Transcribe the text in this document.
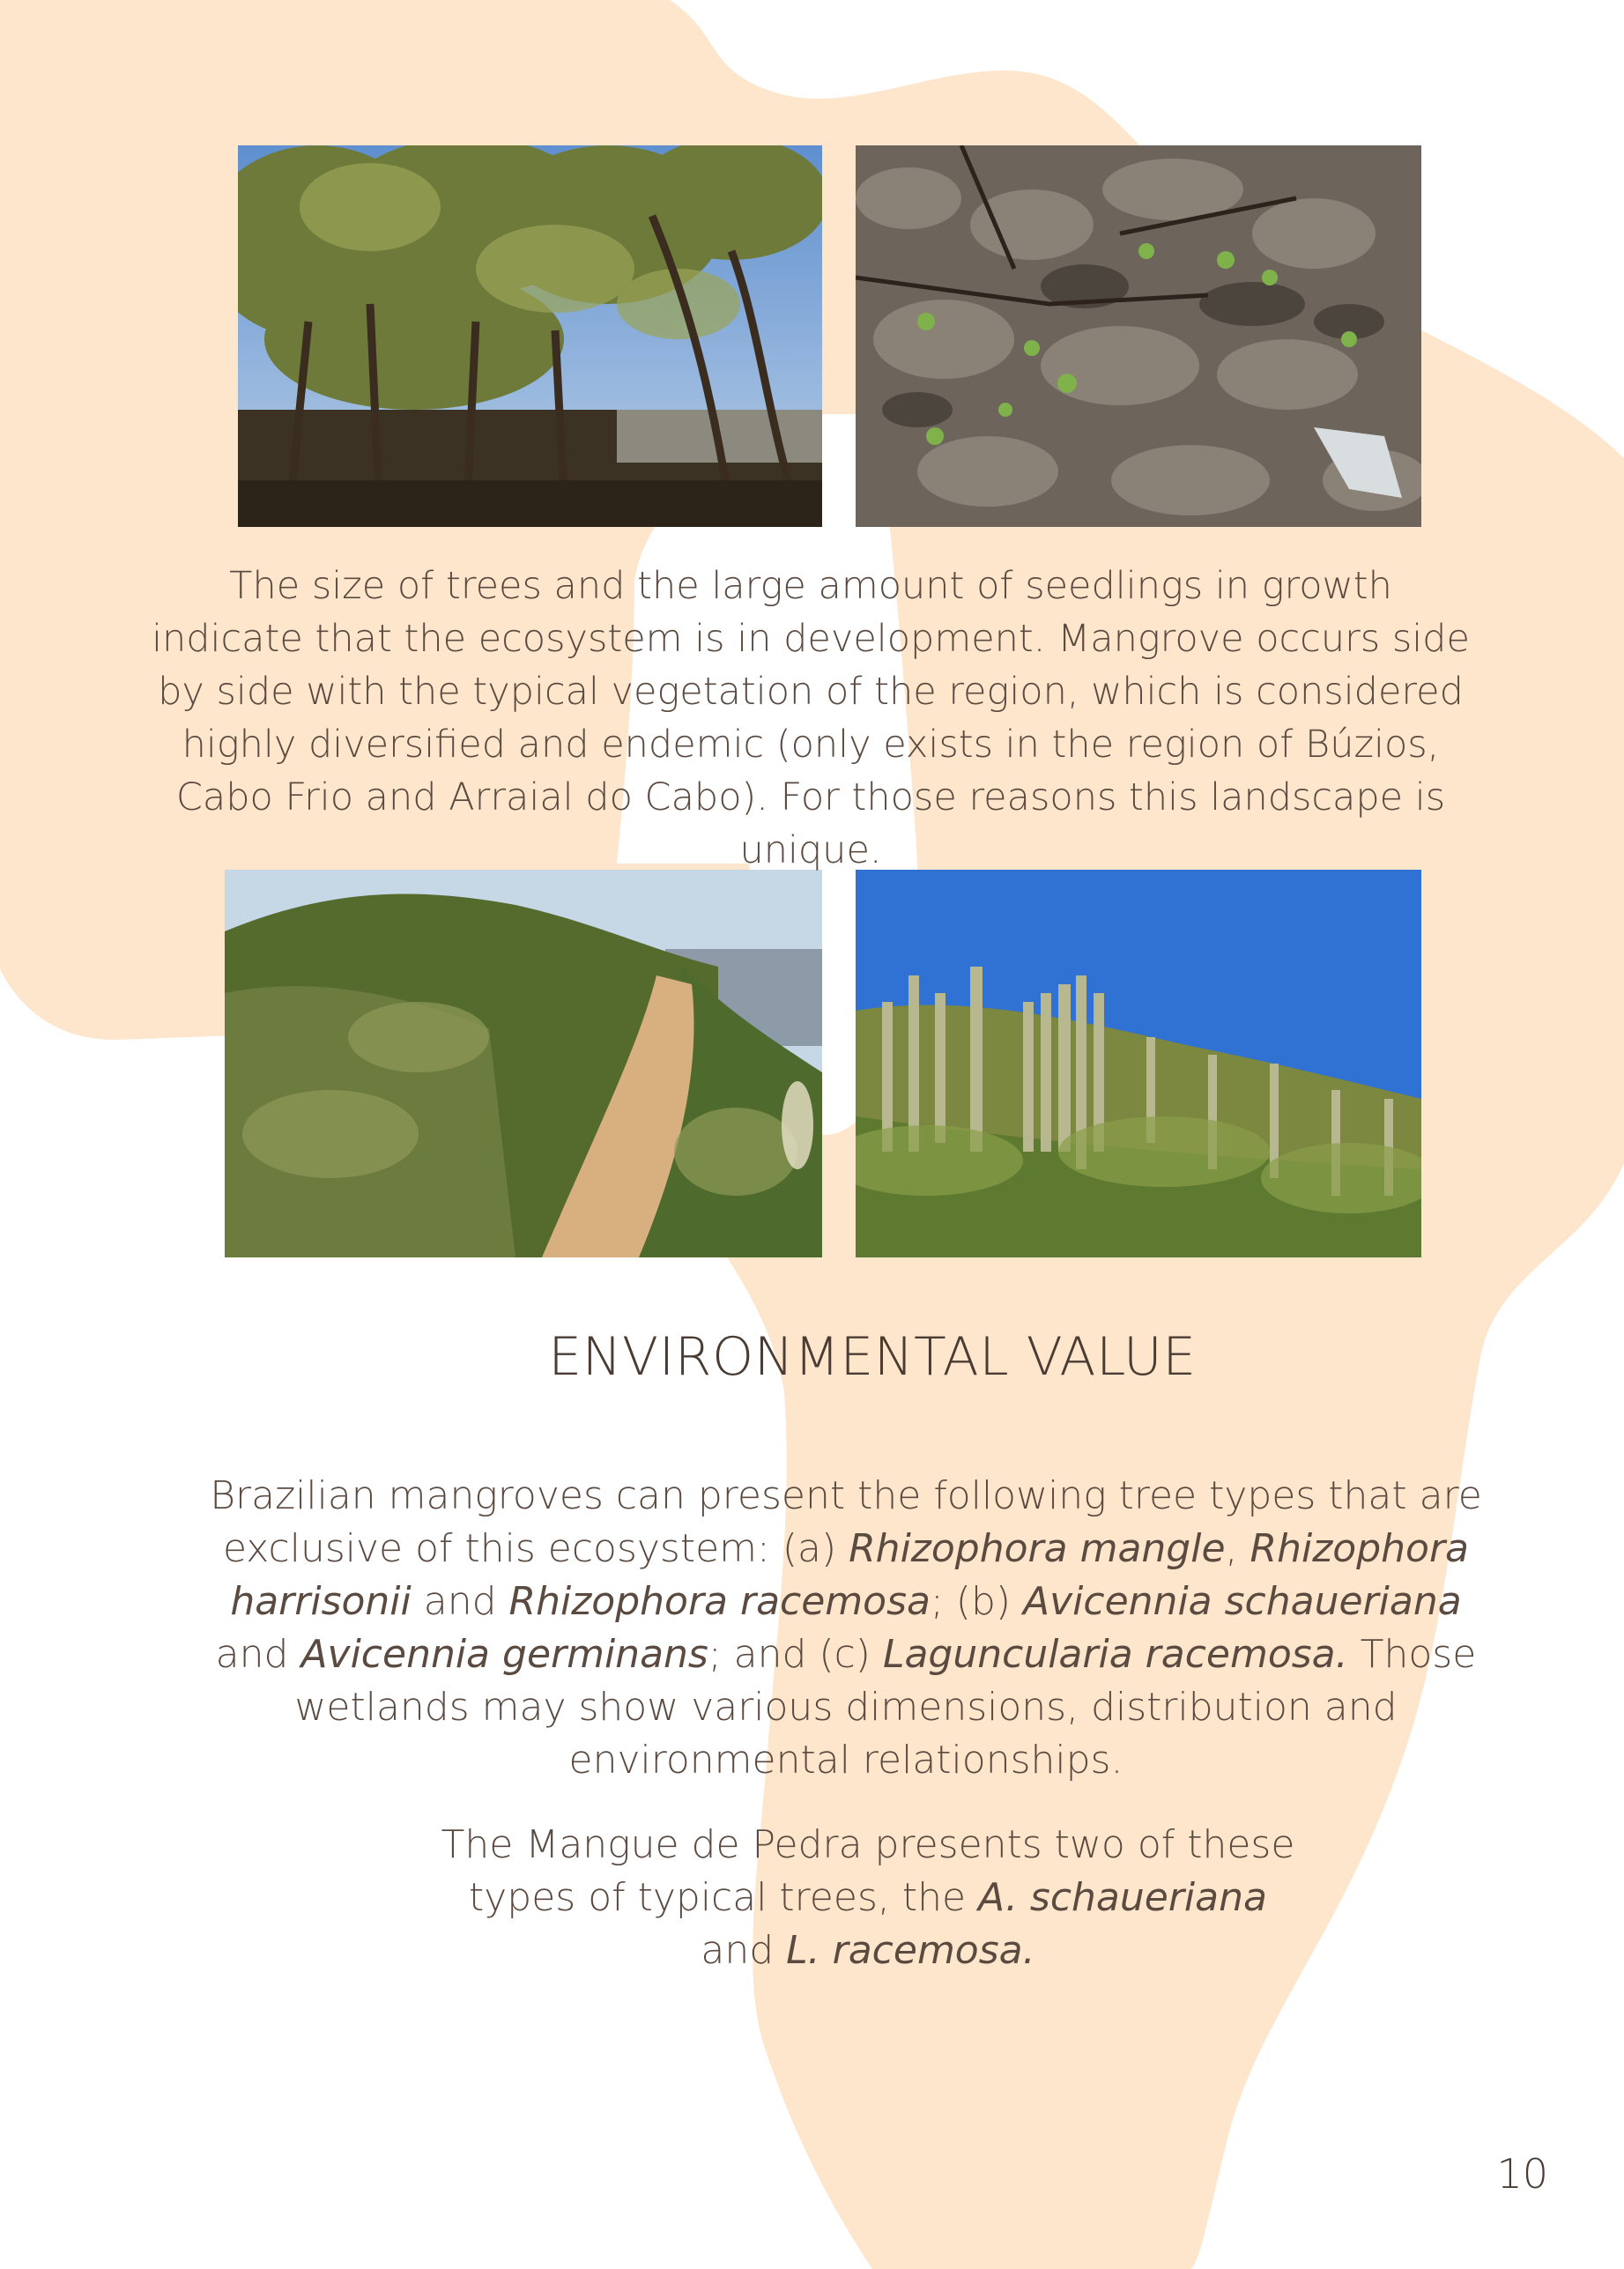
The size of trees and the large amount of seedlings in growth indicate that the ecosystem is in development. Mangrove occurs side by side with the typical vegetation of the region, which is considered highly diversified and endemic (only exists in the region of Búzios, Cabo Frio and Arraial do Cabo). For those reasons this landscape is unique.
ENVIRONMENTAL VALUE
Brazilian mangroves can present the following tree types that are exclusive of this ecosystem: (a) Rhizophora mangle, Rhizophora harrisonii and Rhizophora racemosa; (b) Avicennia schaueriana and Avicennia germinans; and (c) Laguncularia racemosa. Those wetlands may show various dimensions, distribution and environmental relationships.
The Mangue de Pedra presents two of these types of typical trees, the A. schaueriana and L. racemosa.
10
